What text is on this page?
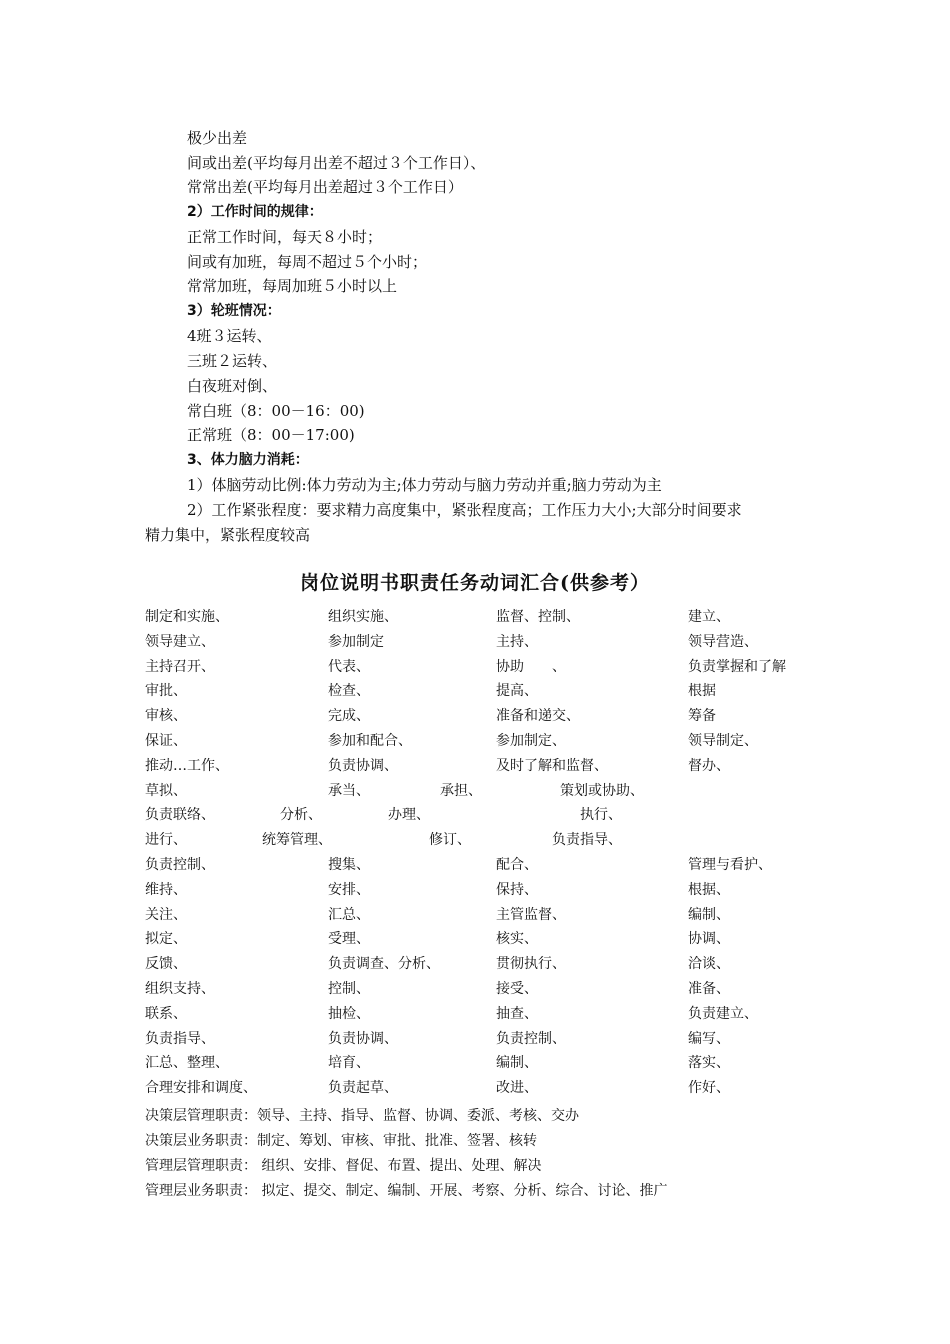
极少出差
间或出差(平均每月出差不超过３个工作日）、
常常出差(平均每月出差超过３个工作日）
2）工作时间的规律：
正常工作时间，每天８小时；
间或有加班，每周不超过５个小时；
常常加班，每周加班５小时以上
3）轮班情况：
4班３运转、
三班２运转、
白夜班对倒、
常白班（8：00－16：00)
正常班（8：00－17:00)
3、体力脑力消耗：
1）体脑劳动比例:体力劳动为主;体力劳动与脑力劳动并重;脑力劳动为主
2）工作紧张程度：要求精力高度集中，紧张程度高；工作压力大小;大部分时间要求
精力集中，紧张程度较高
岗位说明书职责任务动词汇合(供参考）
制定和实施、	组织实施、	监督、控制、	建立、
领导建立、	参加制定	主持、	领导营造、
主持召开、	代表、	协助　　、	负责掌握和了解
审批、	检查、	提高、	根据
审核、	完成、	准备和递交、	筹备
保证、	参加和配合、	参加制定、	领导制定、
推动…工作、	负责协调、	及时了解和监督、	督办、
草拟、	承当、	承担、	策划或协助、
负责联络、	分析、	办理、	执行、
进行、	统筹管理、	修订、	负责指导、
负责控制、	搜集、	配合、	管理与看护、
维持、	安排、	保持、	根据、
关注、	汇总、	主管监督、	编制、
拟定、	受理、	核实、	协调、
反馈、	负责调查、分析、	贯彻执行、	洽谈、
组织支持、	控制、	接受、	准备、
联系、	抽检、	抽查、	负责建立、
负责指导、	负责协调、	负责控制、	编写、
汇总、整理、	培育、	编制、	落实、
合理安排和调度、	负责起草、	改进、	作好、
决策层管理职责：领导、主持、指导、监督、协调、委派、考核、交办
决策层业务职责：制定、筹划、审核、审批、批准、签署、核转
管理层管理职责： 组织、安排、督促、布置、提出、处理、解决
管理层业务职责： 拟定、提交、制定、编制、开展、考察、分析、综合、讨论、推广
